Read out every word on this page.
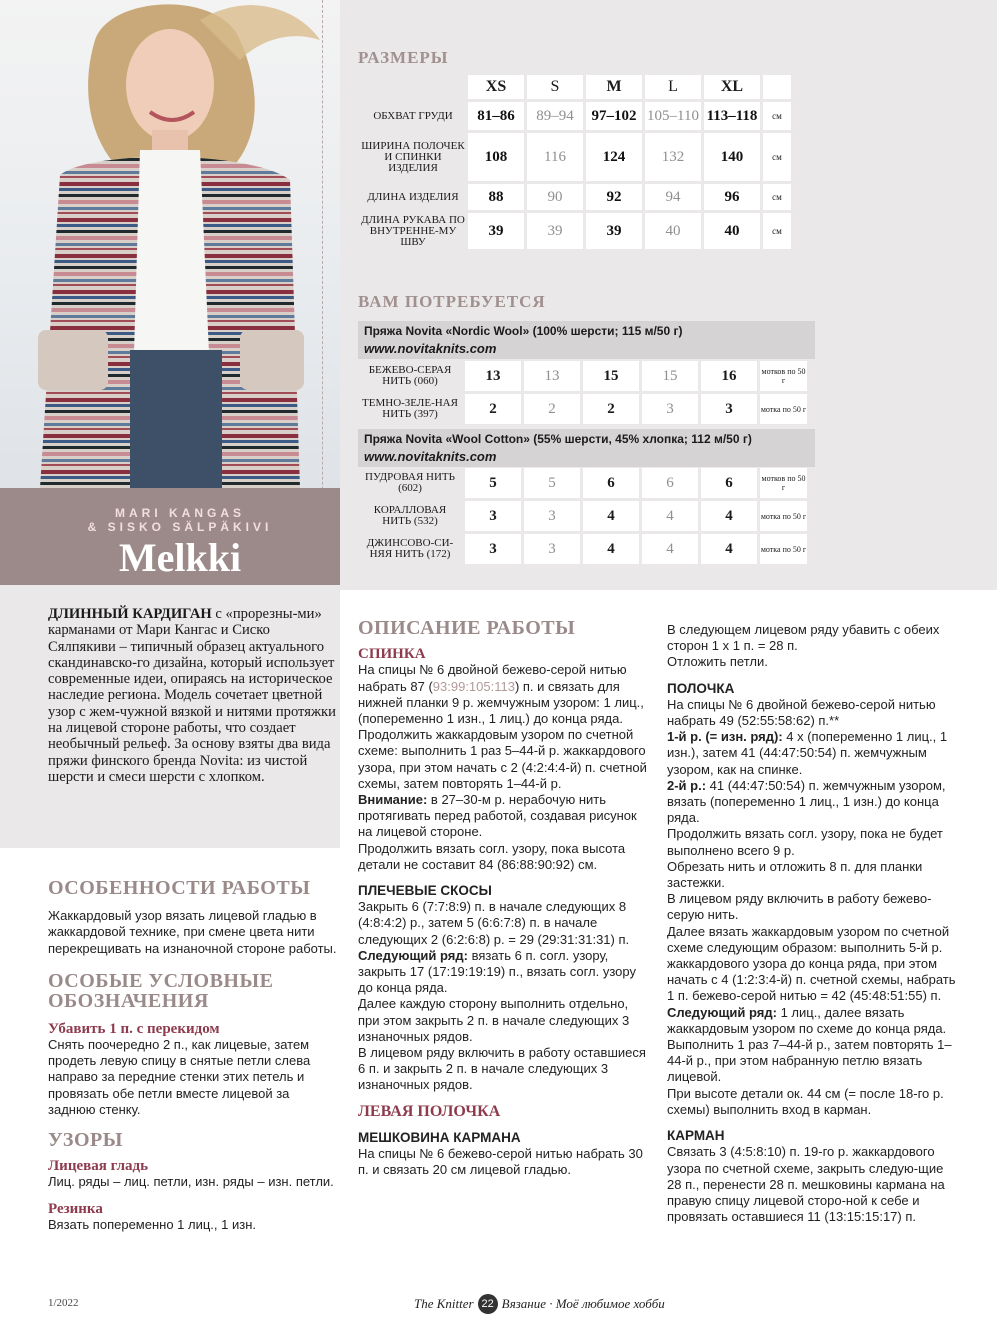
MARI KANGAS
& SISKO SÄLPÄKIVI
Melkki
РАЗМЕРЫ
	XS	S	M	L	XL	
ОБХВАТ ГРУДИ	81–86	89–94	97–102	105–110	113–118	см
ШИРИНА ПОЛОЧЕК И СПИНКИ ИЗДЕЛИЯ	108	116	124	132	140	см
ДЛИНА ИЗДЕЛИЯ	88	90	92	94	96	см
ДЛИНА РУКАВА ПО ВНУТРЕННЕ-МУ ШВУ	39	39	39	40	40	см
ВАМ ПОТРЕБУЕТСЯ
Пряжа Novita «Nordic Wool» (100% шерсти; 115 м/50 г)
www.novitaknits.com
БЕЖЕВО-СЕРАЯ НИТЬ (060)	13	13	15	15	16	мотков по 50 г
ТЕМНО-ЗЕЛЕ-НАЯ НИТЬ (397)	2	2	2	3	3	мотка по 50 г
Пряжа Novita «Wool Cotton» (55% шерсти, 45% хлопка; 112 м/50 г)
www.novitaknits.com
ПУДРОВАЯ НИТЬ (602)	5	5	6	6	6	мотков по 50 г
КОРАЛЛОВАЯ НИТЬ (532)	3	3	4	4	4	мотка по 50 г
ДЖИНСОВО-СИ-НЯЯ НИТЬ (172)	3	3	4	4	4	мотка по 50 г
ДЛИННЫЙ КАРДИГАН с «прорезны-ми» карманами от Мари Кангас и Сиско Сялпякиви – типичный образец актуального скандинавско-го дизайна, который использует современные идеи, опираясь на историческое наследие региона. Модель сочетает цветной узор с жем-чужной вязкой и нитями протяжки на лицевой стороне работы, что создает необычный рельеф. За основу взяты два вида пряжи финского бренда Novita: из чистой шерсти и смеси шерсти с хлопком.

ОСОБЕННОСТИ РАБОТЫ

Жаккардовый узор вязать лицевой гладью в жаккардовой технике, при смене цвета нити перекрещивать на изнаночной стороне работы.

ОСОБЫЕ УСЛОВНЫЕ ОБОЗНАЧЕНИЯ

Убавить 1 п. с перекидом

Снять поочередно 2 п., как лицевые, затем продеть левую спицу в снятые петли слева направо за передние стенки этих петель и провязать обе петли вместе лицевой за заднюю стенку.

УЗОРЫ

Лицевая гладь

Лиц. ряды – лиц. петли, изн. ряды – изн. петли.

Резинка

Вязать попеременно 1 лиц., 1 изн.

ОПИСАНИЕ РАБОТЫ

СПИНКА

На спицы № 6 двойной бежево-серой нитью набрать 87 (93:99:105:113) п. и связать для нижней планки 9 р. жемчужным узором: 1 лиц., (попеременно 1 изн., 1 лиц.) до конца ряда.

Продолжить жаккардовым узором по счетной схеме: выполнить 1 раз 5–44-й р. жаккардового узора, при этом начать с 2 (4:2:4:4-й) п. счетной схемы, затем повторять 1–44-й р.

Внимание: в 27–30-м р. нерабочую нить протягивать перед работой, создавая рисунок на лицевой стороне.

Продолжить вязать согл. узору, пока высота детали не составит 84 (86:88:90:92) см.

ПЛЕЧЕВЫЕ СКОСЫ

Закрыть 6 (7:7:8:9) п. в начале следующих 8 (4:8:4:2) р., затем 5 (6:6:7:8) п. в начале следующих 2 (6:2:6:8) р. = 29 (29:31:31:31) п.

Следующий ряд: вязать 6 п. согл. узору, закрыть 17 (17:19:19:19) п., вязать согл. узору до конца ряда.

Далее каждую сторону выполнить отдельно, при этом закрыть 2 п. в начале следующих 3 изнаночных рядов.

В лицевом ряду включить в работу оставшиеся 6 п. и закрыть 2 п. в начале следующих 3 изнаночных рядов.

ЛЕВАЯ ПОЛОЧКА

МЕШКОВИНА КАРМАНА

На спицы № 6 бежево-серой нитью набрать 30 п. и связать 20 см лицевой гладью.

В следующем лицевом ряду убавить с обеих сторон 1 х 1 п. = 28 п.

Отложить петли.

ПОЛОЧКА

На спицы № 6 двойной бежево-серой нитью набрать 49 (52:55:58:62) п.**

1-й р. (= изн. ряд): 4 х (попеременно 1 лиц., 1 изн.), затем 41 (44:47:50:54) п. жемчужным узором, как на спинке.

2-й р.: 41 (44:47:50:54) п. жемчужным узором, вязать (попеременно 1 лиц., 1 изн.) до конца ряда.

Продолжить вязать согл. узору, пока не будет выполнено всего 9 р.

Обрезать нить и отложить 8 п. для планки застежки.

В лицевом ряду включить в работу бежево-серую нить.

Далее вязать жаккардовым узором по счетной схеме следующим образом: выполнить 5-й р. жаккардового узора до конца ряда, при этом начать с 4 (1:2:3:4-й) п. счетной схемы, набрать 1 п. бежево-серой нитью = 42 (45:48:51:55) п.

Следующий ряд: 1 лиц., далее вязать жаккардовым узором по схеме до конца ряда. Выполнить 1 раз 7–44-й р., затем повторять 1–44-й р., при этом набранную петлю вязать лицевой.

При высоте детали ок. 44 см (= после 18-го р. схемы) выполнить вход в карман.

КАРМАН

Связать 3 (4:5:8:10) п. 19-го р. жаккардового узора по счетной схеме, закрыть следую-щие 28 п., перенести 28 п. мешковины кармана на правую спицу лицевой сторо-ной к себе и провязать оставшиеся 11 (13:15:15:17) п.

1/2022	The Knitter 22 Вязание · Моё любимое хобби
